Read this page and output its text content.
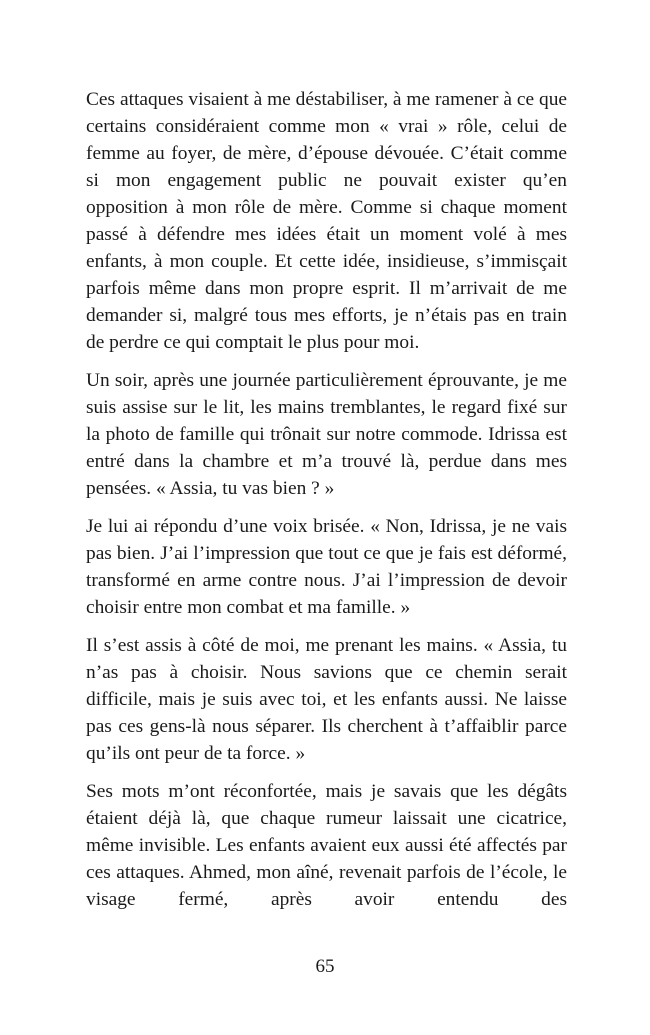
Ces attaques visaient à me déstabiliser, à me ramener à ce que certains considéraient comme mon « vrai » rôle, celui de femme au foyer, de mère, d’épouse dévouée. C’était comme si mon engagement public ne pouvait exister qu’en opposition à mon rôle de mère. Comme si chaque moment passé à défendre mes idées était un moment volé à mes enfants, à mon couple. Et cette idée, insidieuse, s’immisçait parfois même dans mon propre esprit. Il m’arrivait de me demander si, malgré tous mes efforts, je n’étais pas en train de perdre ce qui comptait le plus pour moi.

Un soir, après une journée particulièrement éprouvante, je me suis assise sur le lit, les mains tremblantes, le regard fixé sur la photo de famille qui trônait sur notre commode. Idrissa est entré dans la chambre et m’a trouvé là, perdue dans mes pensées. « Assia, tu vas bien ? »

Je lui ai répondu d’une voix brisée. « Non, Idrissa, je ne vais pas bien. J’ai l’impression que tout ce que je fais est déformé, transformé en arme contre nous. J’ai l’impression de devoir choisir entre mon combat et ma famille. »

Il s’est assis à côté de moi, me prenant les mains. « Assia, tu n’as pas à choisir. Nous savions que ce chemin serait difficile, mais je suis avec toi, et les enfants aussi. Ne laisse pas ces gens-là nous séparer. Ils cherchent à t’affaiblir parce qu’ils ont peur de ta force. »

Ses mots m’ont réconfortée, mais je savais que les dégâts étaient déjà là, que chaque rumeur laissait une cicatrice, même invisible. Les enfants avaient eux aussi été affectés par ces attaques. Ahmed, mon aîné, revenait parfois de l’école, le visage fermé, après avoir entendu des

65
